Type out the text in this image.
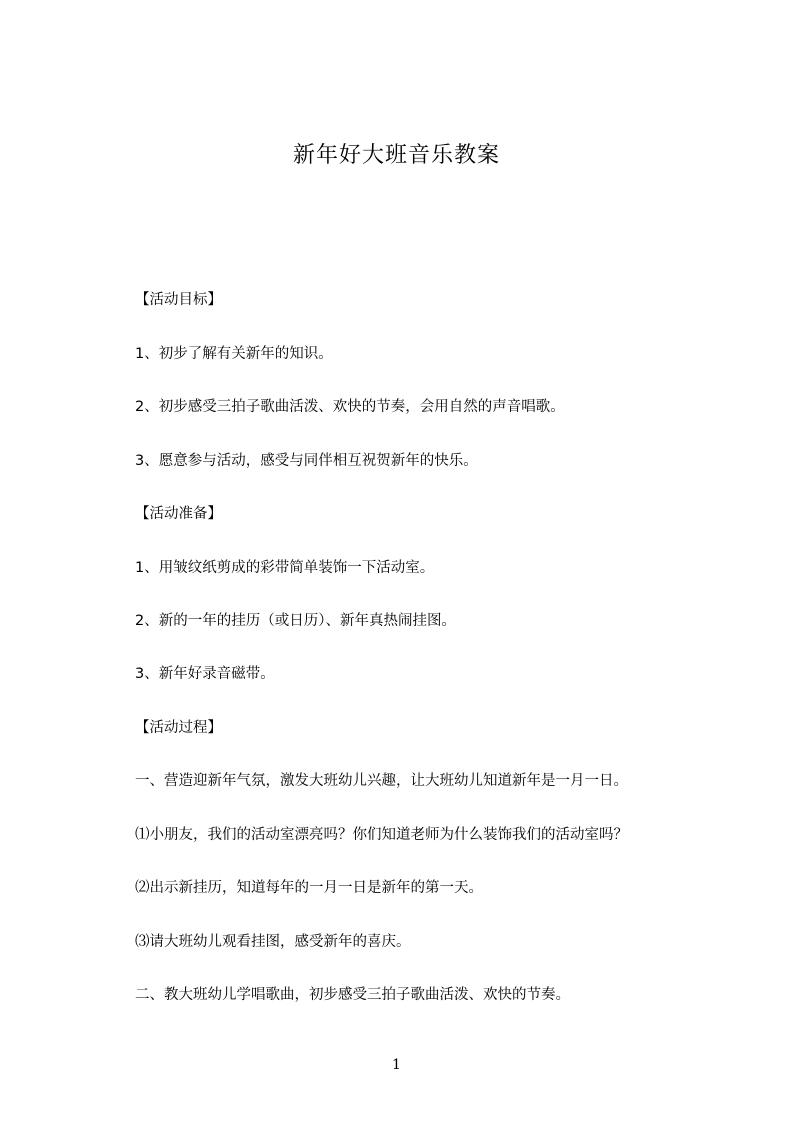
新年好大班音乐教案
【活动目标】
1、初步了解有关新年的知识。
2、初步感受三拍子歌曲活泼、欢快的节奏，会用自然的声音唱歌。
3、愿意参与活动，感受与同伴相互祝贺新年的快乐。
【活动准备】
1、用皱纹纸剪成的彩带简单装饰一下活动室。
2、新的一年的挂历（或日历）、新年真热闹挂图。
3、新年好录音磁带。
【活动过程】
一、营造迎新年气氛，激发大班幼儿兴趣，让大班幼儿知道新年是一月一日。
⑴小朋友，我们的活动室漂亮吗？你们知道老师为什么装饰我们的活动室吗？
⑵出示新挂历，知道每年的一月一日是新年的第一天。
⑶请大班幼儿观看挂图，感受新年的喜庆。
二、教大班幼儿学唱歌曲，初步感受三拍子歌曲活泼、欢快的节奏。
1
